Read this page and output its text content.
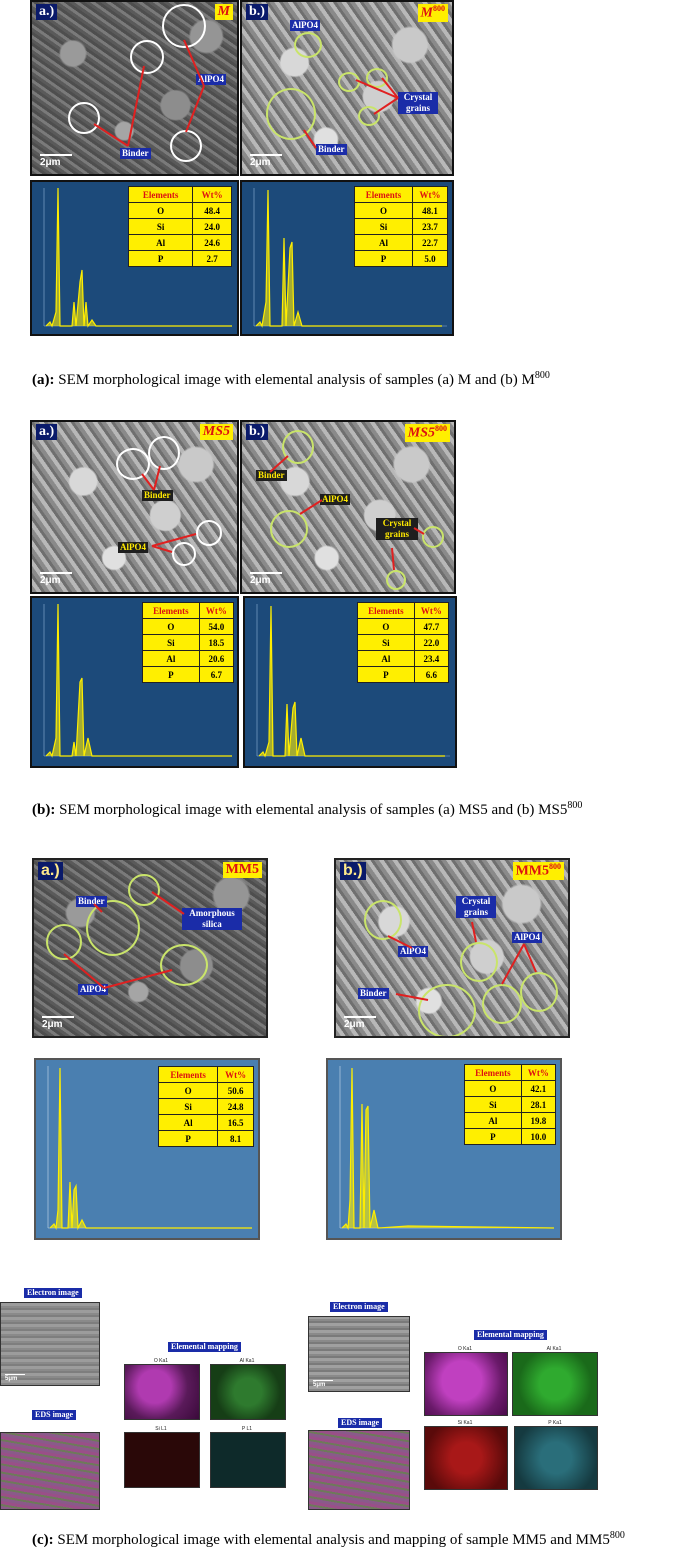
a.)	M
Binder
AlPO4
2μm
b.)	$M^{800}$
AlPO4
Crystal grains
Binder
2μm
Elements	Wt%
O	48.4
Si	24.0
Al	24.6
P	2.7
Elements	Wt%
O	48.1
Si	23.7
Al	22.7
P	5.0
(a): SEM morphological image with elemental analysis of samples (a) M and (b) $M^{800}$
a.)	MS5
Binder
AlPO4
2μm
b.)	$MS5^{800}$
Binder
AlPO4
Crystal grains
2μm
Elements	Wt%
O	54.0
Si	18.5
Al	20.6
P	6.7
Elements	Wt%
O	47.7
Si	22.0
Al	23.4
P	6.6
(b): SEM morphological image with elemental analysis of samples (a) MS5 and (b) $MS5^{800}$
a.)	MM5
Binder
Amorphous silica
AlPO4
2μm
b.)	$MM5^{800}$
Crystal grains
AlPO4
AlPO4
Binder
2μm
Elements	Wt%
O	50.6
Si	24.8
Al	16.5
P	8.1
Elements	Wt%
O	42.1
Si	28.1
Al	19.8
P	10.0
Electron image
5μm
EDS image
Elemental mapping
O Ka1	Al Ka1
Si L1	P L1
Electron image
5μm
EDS image
Elemental mapping
O Ka1	Al Ka1
Si Ka1	P Ka1
(c): SEM morphological image with elemental analysis and mapping of sample MM5 and $MM5^{800}$
